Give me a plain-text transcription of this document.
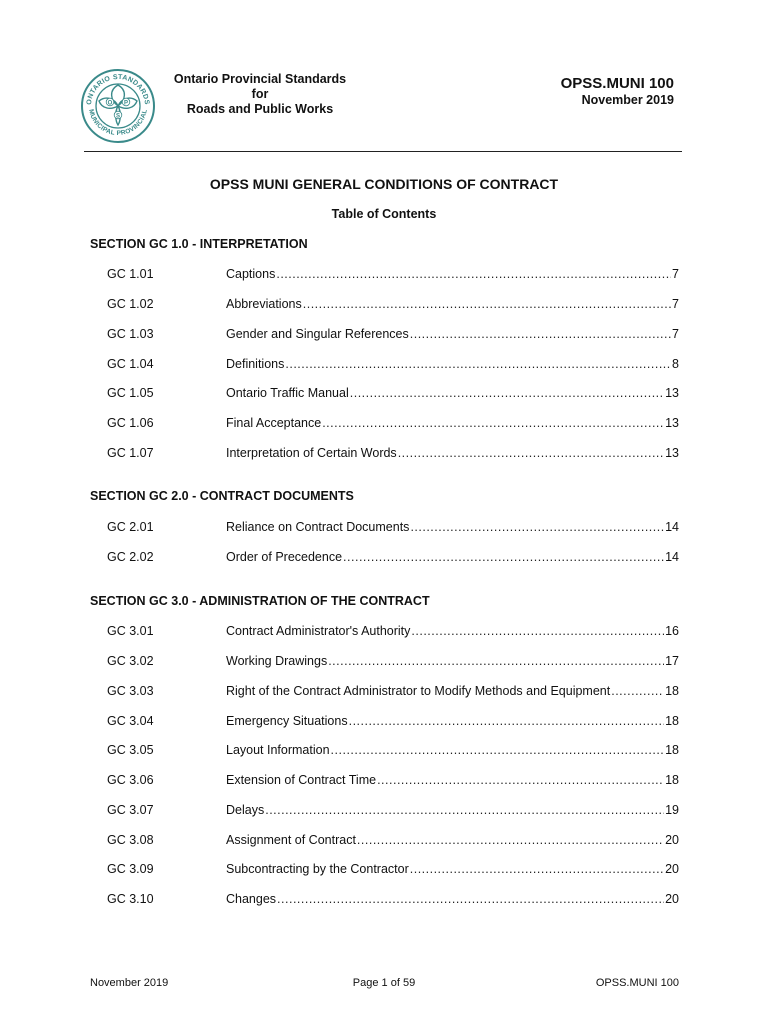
ONTARIO STANDARDS
MUNICIPAL PROVINCIAL
O P
S
Ontario Provincial Standards
for
Roads and Public Works
OPSS.MUNI 100
November 2019
OPSS MUNI GENERAL CONDITIONS OF CONTRACT
Table of Contents
SECTION GC 1.0 - INTERPRETATION
GC 1.01	Captions .....	7
GC 1.02	Abbreviations .....	7
GC 1.03	Gender and Singular References .....	7
GC 1.04	Definitions .....	8
GC 1.05	Ontario Traffic Manual .....	13
GC 1.06	Final Acceptance .....	13
GC 1.07	Interpretation of Certain Words .....	13
SECTION GC 2.0 - CONTRACT DOCUMENTS
GC 2.01	Reliance on Contract Documents .....	14
GC 2.02	Order of Precedence .....	14
SECTION GC 3.0 - ADMINISTRATION OF THE CONTRACT
GC 3.01	Contract Administrator's Authority .....	16
GC 3.02	Working Drawings .....	17
GC 3.03	Right of the Contract Administrator to Modify Methods and Equipment .....	18
GC 3.04	Emergency Situations .....	18
GC 3.05	Layout Information .....	18
GC 3.06	Extension of Contract Time .....	18
GC 3.07	Delays .....	19
GC 3.08	Assignment of Contract .....	20
GC 3.09	Subcontracting by the Contractor .....	20
GC 3.10	Changes .....	20
November 2019	Page 1 of 59	OPSS.MUNI 100
